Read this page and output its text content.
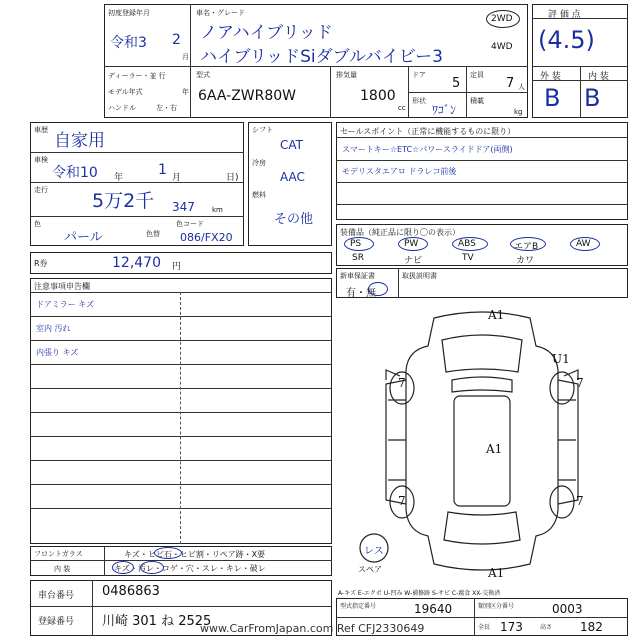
初度登録年月
令和3 2
月
車名・グレード
ノアハイブリッド
ハイブリッドSiダブルバイビー3
2WD
4WD
ディーラー・並 行
モデル年式	年
ハンドル	左・右
型式
6AA-ZWR80W
排気量
1800
cc
ドア
5
定員
7 人
形状
ﾜｺﾞﾝ
積載
kg
評 価 点
(4.5)
外 装	内 装
B B
車歴
自家用
車検
令和10 年 1 月	日)
走行 5万2千 347 km
色
パール	色替
色コード
086/FX20
シフト
CAT
冷房
AAC
燃料
その他
セールスポイント（正常に機能するものに限り）
スマートキー☆ETC☆パワースライドドア(両側)
モデリスタエアロ ドラレコ前後
装備品（純正品に限り〇の表示）
PS	PW	ABS	エアB	AW
SR	ナビ	TV	カワ
新車保証書
有・無
取扱説明書
R券	12,470 円
注意事項申告欄
ドアミラー キズ
室内 汚れ
内張り キズ
A1
U1
7	7
A1
7	7
A1
レス
スペア
A-キズ E-エクボ U-凹み W-補修跡 S-サビ C-腐食 XX-交換済
フロントガラス	キズ・ヒビ石・ヒビ割・リペア跡・X要
内 装	キズ・汚レ・コゲ・穴・スレ・キレ・破レ
車台番号 0486863
登録番号 川崎 301 ね 2525
型式指定番号	19640	類別区分番号	0003
全長 173	高さ 182
www.CarFromJapan.com Ref CFJ2330649
